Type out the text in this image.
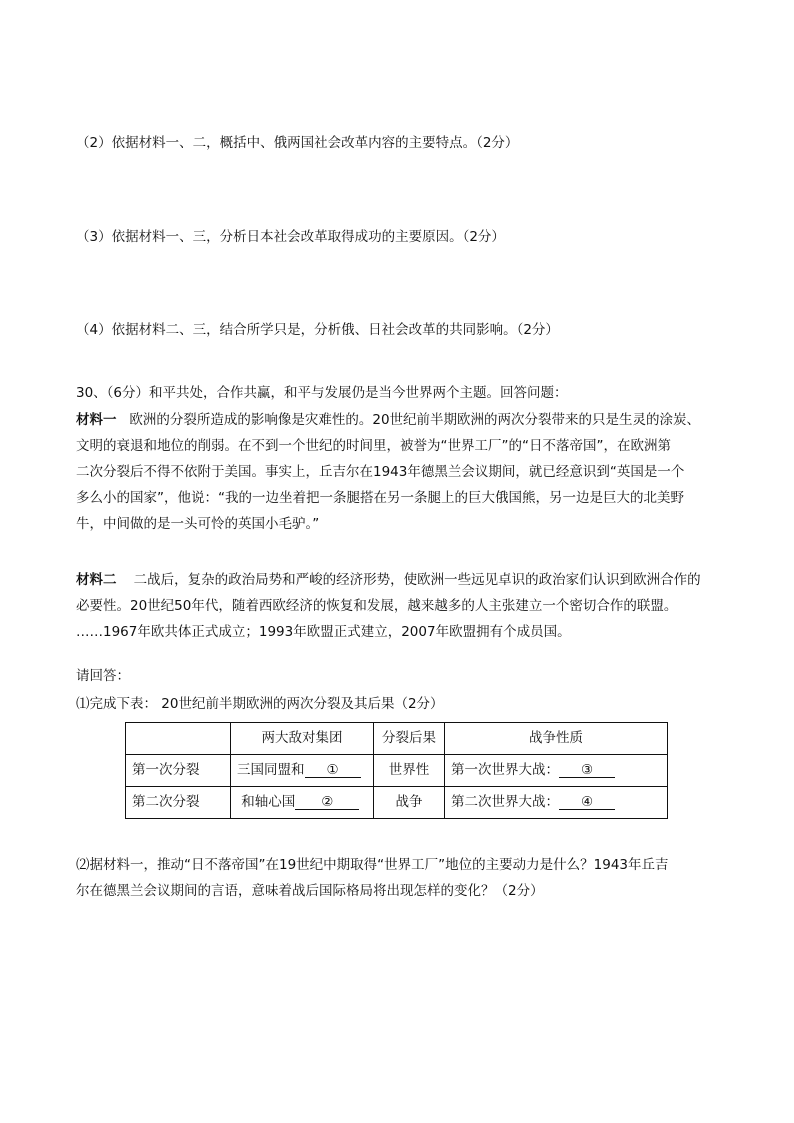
（2）依据材料一、二，概括中、俄两国社会改革内容的主要特点。（2分）

（3）依据材料一、三，分析日本社会改革取得成功的主要原因。（2分）

（4）依据材料二、三，结合所学只是，分析俄、日社会改革的共同影响。（2分）

30、（6分）和平共处，合作共赢，和平与发展仍是当今世界两个主题。回答问题：

材料一 欧洲的分裂所造成的影响像是灾难性的。20世纪前半期欧洲的两次分裂带来的只是生灵的涂炭、
文明的衰退和地位的削弱。在不到一个世纪的时间里，被誉为“世界工厂”的“日不落帝国”，在欧洲第
二次分裂后不得不依附于美国。事实上，丘吉尔在1943年德黑兰会议期间，就已经意识到“英国是一个
多么小的国家”，他说：“我的一边坐着把一条腿搭在另一条腿上的巨大俄国熊，另一边是巨大的北美野
牛，中间做的是一头可怜的英国小毛驴。”
材料二 二战后，复杂的政治局势和严峻的经济形势，使欧洲一些远见卓识的政治家们认识到欧洲合作的
必要性。20世纪50年代，随着西欧经济的恢复和发展，越来越多的人主张建立一个密切合作的联盟。
……1967年欧共体正式成立；1993年欧盟正式建立，2007年欧盟拥有个成员国。

请回答：

⑴完成下表： 20世纪前半期欧洲的两次分裂及其后果（2分）

	两大敌对集团	分裂后果	战争性质
第一次分裂	三国同盟和 ①	世界性	第一次世界大战： ③
第二次分裂	和轴心国 ②	战争	第二次世界大战： ④
⑵据材料一，推动“日不落帝国”在19世纪中期取得“世界工厂”地位的主要动力是什么？1943年丘吉
尔在德黑兰会议期间的言语，意味着战后国际格局将出现怎样的变化？（2分）
